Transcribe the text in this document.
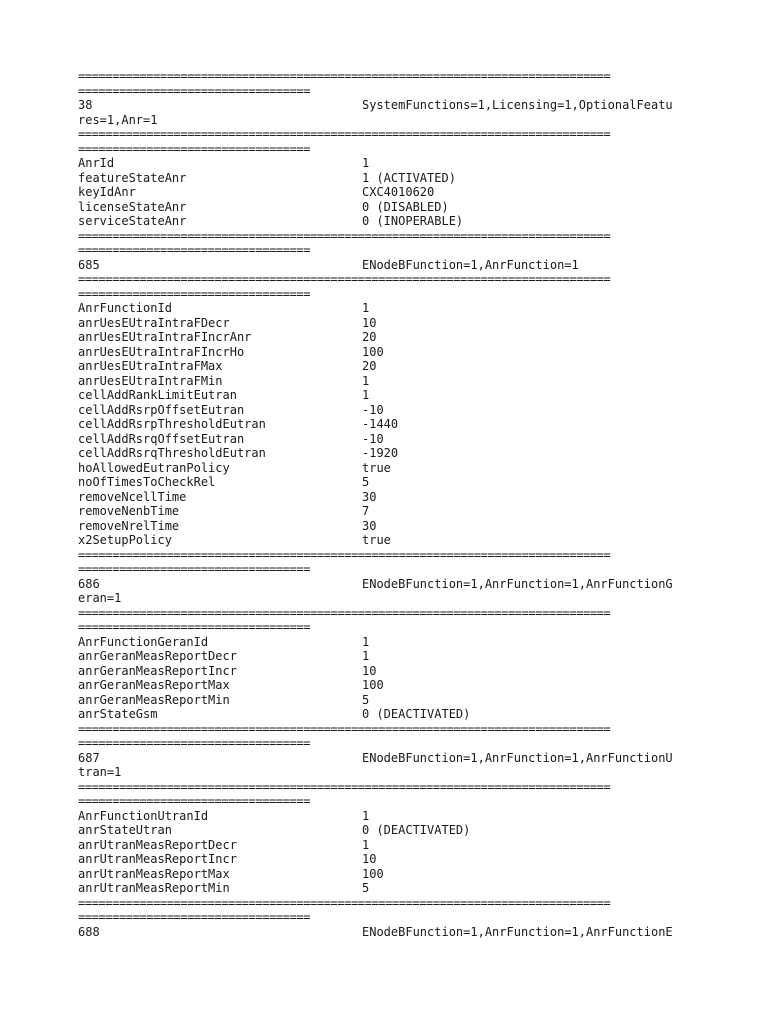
==============================================================================
==================================
38	SystemFunctions=1,Licensing=1,OptionalFeatu
res=1,Anr=1
==============================================================================
==================================
AnrId	1
featureStateAnr	1 (ACTIVATED)
keyIdAnr	CXC4010620
licenseStateAnr	0 (DISABLED)
serviceStateAnr	0 (INOPERABLE)
==============================================================================
==================================
685	ENodeBFunction=1,AnrFunction=1
==============================================================================
==================================
AnrFunctionId	1
anrUesEUtraIntraFDecr	10
anrUesEUtraIntraFIncrAnr	20
anrUesEUtraIntraFIncrHo	100
anrUesEUtraIntraFMax	20
anrUesEUtraIntraFMin	1
cellAddRankLimitEutran	1
cellAddRsrpOffsetEutran	-10
cellAddRsrpThresholdEutran	-1440
cellAddRsrqOffsetEutran	-10
cellAddRsrqThresholdEutran	-1920
hoAllowedEutranPolicy	true
noOfTimesToCheckRel	5
removeNcellTime	30
removeNenbTime	7
removeNrelTime	30
x2SetupPolicy	true
==============================================================================
==================================
686	ENodeBFunction=1,AnrFunction=1,AnrFunctionG
eran=1
==============================================================================
==================================
AnrFunctionGeranId	1
anrGeranMeasReportDecr	1
anrGeranMeasReportIncr	10
anrGeranMeasReportMax	100
anrGeranMeasReportMin	5
anrStateGsm	0 (DEACTIVATED)
==============================================================================
==================================
687	ENodeBFunction=1,AnrFunction=1,AnrFunctionU
tran=1
==============================================================================
==================================
AnrFunctionUtranId	1
anrStateUtran	0 (DEACTIVATED)
anrUtranMeasReportDecr	1
anrUtranMeasReportIncr	10
anrUtranMeasReportMax	100
anrUtranMeasReportMin	5
==============================================================================
==================================
688	ENodeBFunction=1,AnrFunction=1,AnrFunctionE
